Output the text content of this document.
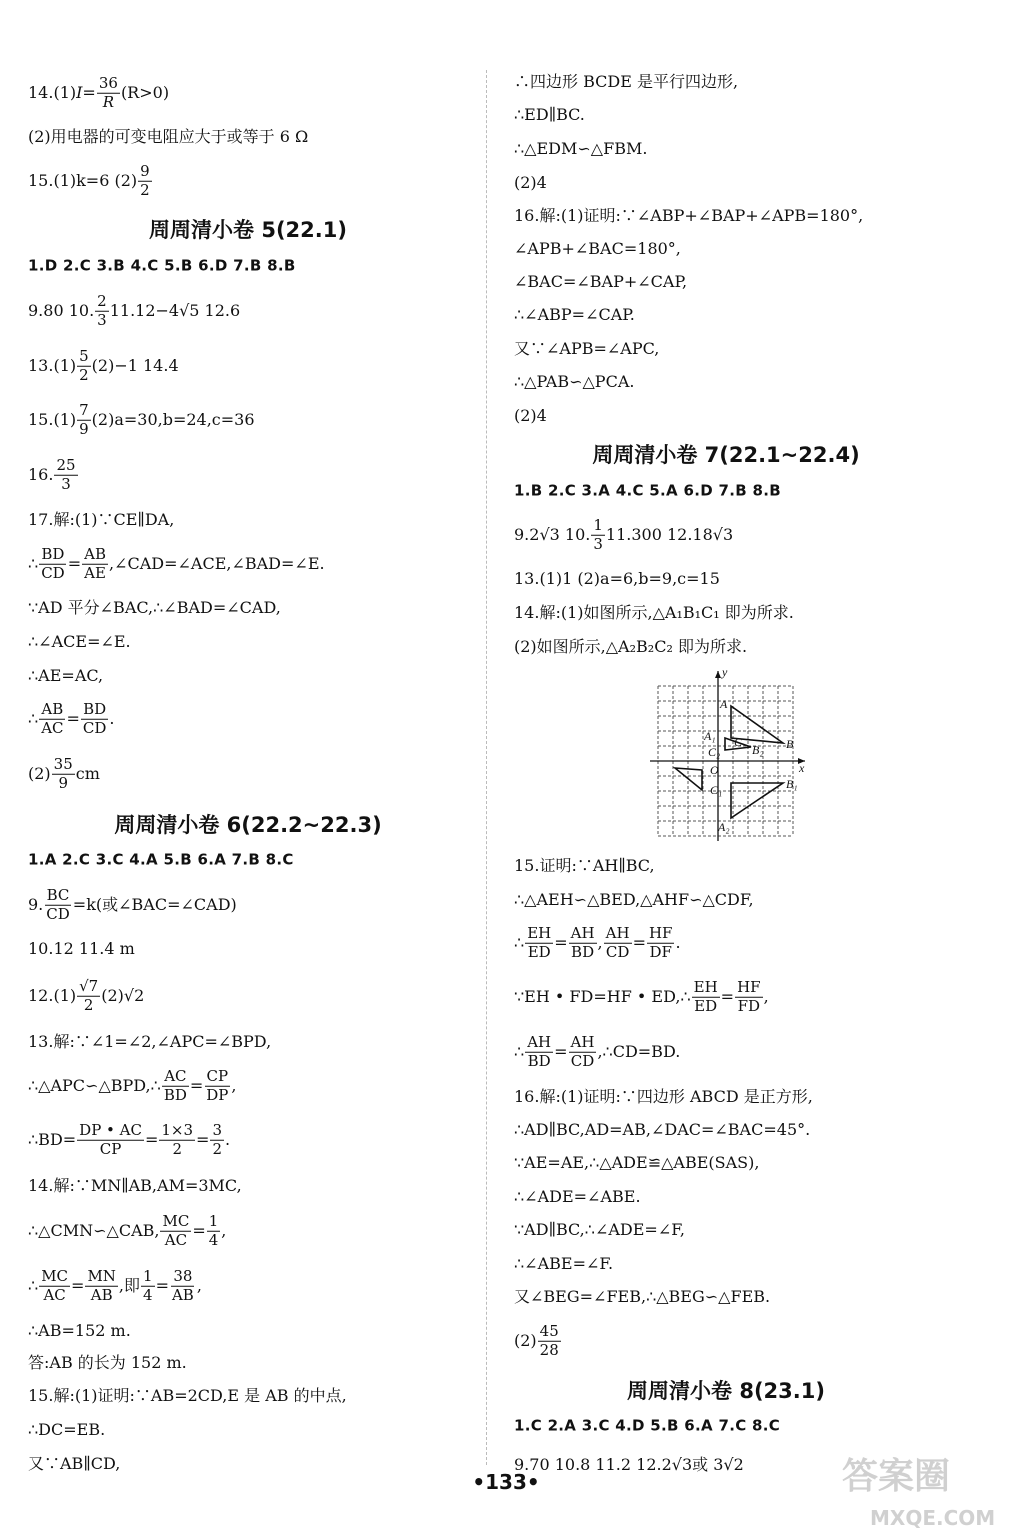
14.(1) $I= \frac{36}{R} (R>0)$
(2)用电器的可变电阻应大于或等于 6 Ω
15.(1)k=6 $(2) \frac{9}{2}$
周周清小卷 5(22.1)
1.D 2.C 3.B 4.C 5.B 6.D 7.B 8.B
9.80 10. $\frac{2}{3} 11.12-4√5$ 12.6
$13.(1) \frac{5}{2} (2)-1$ 14.4
$15.(1) \frac{7}{9} (2)a=30,b=24,c=36$
16. $\frac{25}{3}$
17.解:(1)∵CE∥DA,
∴ $\frac{BD}{CD} = \frac{AB}{AE}$ ,∠CAD=∠ACE,∠BAD=∠E.
∵AD 平分∠BAC,∴∠BAD=∠CAD,
∴∠ACE=∠E.
∴AE=AC,
∴ $\frac{AB}{AC} = \frac{BD}{CD}$ .
$(2) \frac{35}{9}$ cm
周周清小卷 6(22.2~22.3)
1.A 2.C 3.C 4.A 5.B 6.A 7.B 8.C
9. $\frac{BC}{CD} =k$(或∠BAC=∠CAD)
10.12 11.4 m
$12.(1) \frac{√7}{2} (2)√2$
13.解:∵∠1=∠2,∠APC=∠BPD,
∴△APC∽△BPD,∴ $\frac{AC}{BD} = \frac{CP}{DP}$ ,
∴BD= $\frac{DP • AC}{CP} = \frac{1\times 3}{2} = \frac{3}{2}$ .
14.解:∵MN∥AB,AM=3MC,
∴△CMN∽△CAB, $\frac{MC}{AC} = \frac{1}{4}$ ,
∴ $\frac{MC}{AC} = \frac{MN}{AB}$ ,即 $\frac{1}{4} = \frac{38}{AB}$ ,
∴AB=152 m.
答:AB 的长为 152 m.
15.解:(1)证明:∵AB=2CD,E 是 AB 的中点,
∴DC=EB.
又∵AB∥CD,
∴四边形 BCDE 是平行四边形,
∴ED∥BC.
∴△EDM∽△FBM.
(2)4
16.解:(1)证明:∵∠ABP+∠BAP+∠APB=180°,
∠APB+∠BAC=180°,
∠BAC=∠BAP+∠CAP,
∴∠ABP=∠CAP.
又∵∠APB=∠APC,
∴△PAB∽△PCA.
(2)4
周周清小卷 7(22.1~22.4)
1.B 2.C 3.A 4.C 5.A 6.D 7.B 8.B
9.2√3 10. $\frac{1}{3} 11.300$ 12.18√3
13.(1)1 (2)a=6,b=9,c=15
14.解:(1)如图所示,△A₁B₁C₁ 即为所求.
(2)如图所示,△A₂B₂C₂ 即为所求.
15.证明:∵AH∥BC,
∴△AEH∽△BED,△AHF∽△CDF,
∴ $\frac{EH}{ED} = \frac{AH}{BD}$ , $\frac{AH}{CD} = \frac{HF}{DF}$ .
∵EH • FD=HF • ED,∴ $\frac{EH}{ED} = \frac{HF}{FD}$ ,
∴ $\frac{AH}{BD} = \frac{AH}{CD}$ ,∴CD=BD.
16.解:(1)证明:∵四边形 ABCD 是正方形,
∴AD∥BC,AD=AB,∠DAC=∠BAC=45°.
∵AE=AE,∴△ADE≌△ABE(SAS),
∴∠ADE=∠ABE.
∵AD∥BC,∴∠ADE=∠F,
∴∠ABE=∠F.
又∠BEG=∠FEB,∴△BEG∽△FEB.
$(2) \frac{45}{28}$
周周清小卷 8(23.1)
1.C 2.A 3.C 4.D 5.B 6.A 7.C 8.C
9.70 10.8 11.2 12.2√3或 3√2
y
x
O
A
B
C
A₁
B₂
C₂
B₁
C₁
A₂
•133•	答案圈
MXQE.COM
